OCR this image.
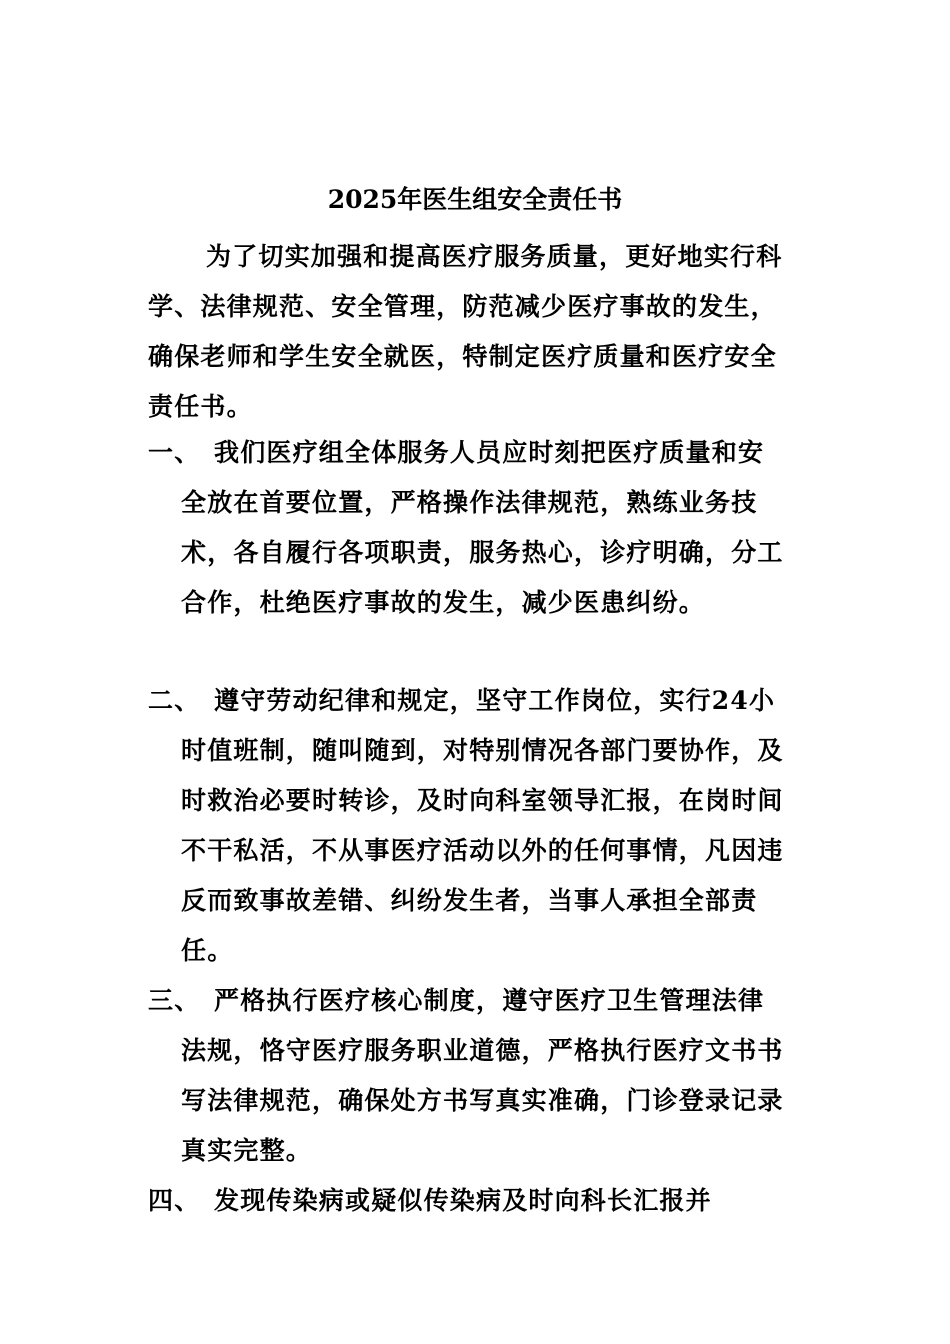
2025年医生组安全责任书

为了切实加强和提高医疗服务质量，更好地实行科学、法律规范、安全管理，防范减少医疗事故的发生，确保老师和学生安全就医，特制定医疗质量和医疗安全责任书。

一、 我们医疗组全体服务人员应时刻把医疗质量和安全放在首要位置，严格操作法律规范，熟练业务技术，各自履行各项职责，服务热心，诊疗明确，分工合作，杜绝医疗事故的发生，减少医患纠纷。
二、 遵守劳动纪律和规定，坚守工作岗位，实行24小时值班制，随叫随到，对特别情况各部门要协作，及时救治必要时转诊，及时向科室领导汇报，在岗时间不干私活，不从事医疗活动以外的任何事情，凡因违反而致事故差错、纠纷发生者，当事人承担全部责任。
三、 严格执行医疗核心制度，遵守医疗卫生管理法律法规，恪守医疗服务职业道德，严格执行医疗文书书写法律规范，确保处方书写真实准确，门诊登录记录真实完整。
四、 发现传染病或疑似传染病及时向科长汇报并
